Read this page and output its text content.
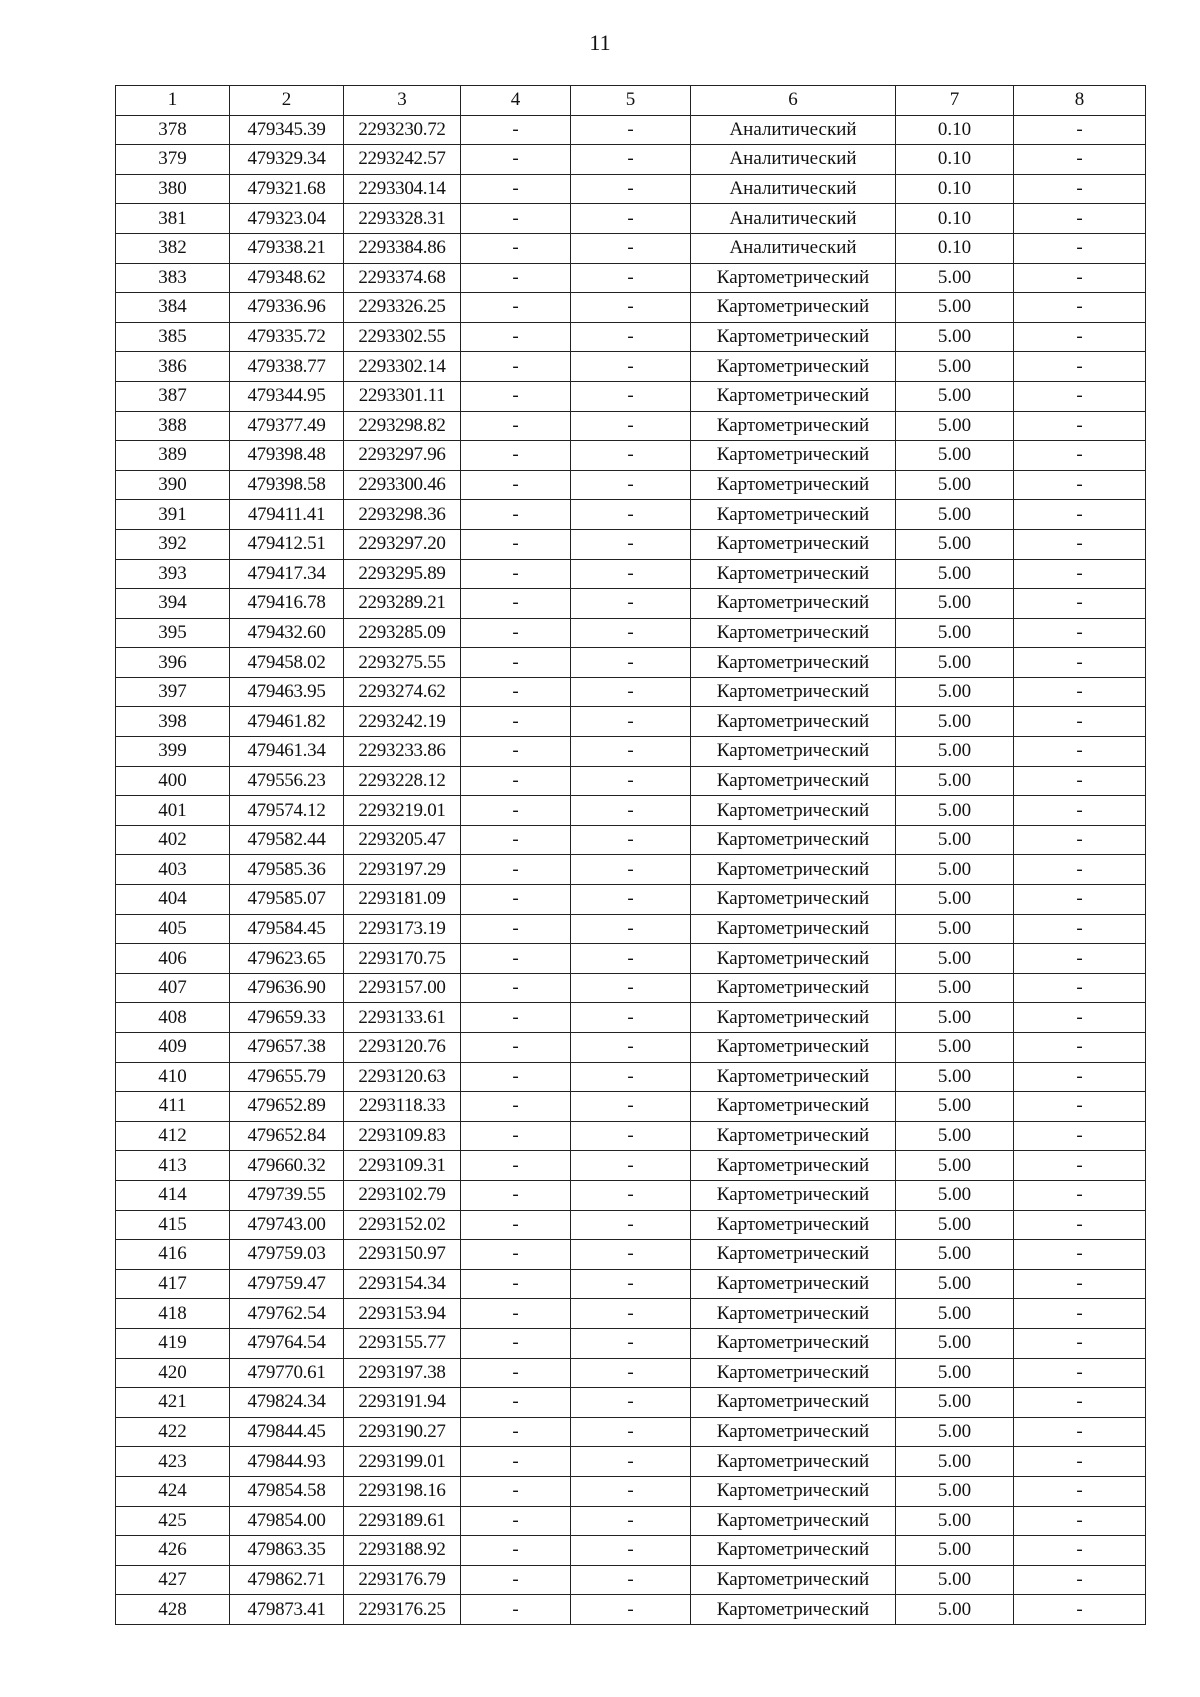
11
1	2	3	4	5	6	7	8
378	479345.39	2293230.72	-	-	Аналитический	0.10	-
379	479329.34	2293242.57	-	-	Аналитический	0.10	-
380	479321.68	2293304.14	-	-	Аналитический	0.10	-
381	479323.04	2293328.31	-	-	Аналитический	0.10	-
382	479338.21	2293384.86	-	-	Аналитический	0.10	-
383	479348.62	2293374.68	-	-	Картометрический	5.00	-
384	479336.96	2293326.25	-	-	Картометрический	5.00	-
385	479335.72	2293302.55	-	-	Картометрический	5.00	-
386	479338.77	2293302.14	-	-	Картометрический	5.00	-
387	479344.95	2293301.11	-	-	Картометрический	5.00	-
388	479377.49	2293298.82	-	-	Картометрический	5.00	-
389	479398.48	2293297.96	-	-	Картометрический	5.00	-
390	479398.58	2293300.46	-	-	Картометрический	5.00	-
391	479411.41	2293298.36	-	-	Картометрический	5.00	-
392	479412.51	2293297.20	-	-	Картометрический	5.00	-
393	479417.34	2293295.89	-	-	Картометрический	5.00	-
394	479416.78	2293289.21	-	-	Картометрический	5.00	-
395	479432.60	2293285.09	-	-	Картометрический	5.00	-
396	479458.02	2293275.55	-	-	Картометрический	5.00	-
397	479463.95	2293274.62	-	-	Картометрический	5.00	-
398	479461.82	2293242.19	-	-	Картометрический	5.00	-
399	479461.34	2293233.86	-	-	Картометрический	5.00	-
400	479556.23	2293228.12	-	-	Картометрический	5.00	-
401	479574.12	2293219.01	-	-	Картометрический	5.00	-
402	479582.44	2293205.47	-	-	Картометрический	5.00	-
403	479585.36	2293197.29	-	-	Картометрический	5.00	-
404	479585.07	2293181.09	-	-	Картометрический	5.00	-
405	479584.45	2293173.19	-	-	Картометрический	5.00	-
406	479623.65	2293170.75	-	-	Картометрический	5.00	-
407	479636.90	2293157.00	-	-	Картометрический	5.00	-
408	479659.33	2293133.61	-	-	Картометрический	5.00	-
409	479657.38	2293120.76	-	-	Картометрический	5.00	-
410	479655.79	2293120.63	-	-	Картометрический	5.00	-
411	479652.89	2293118.33	-	-	Картометрический	5.00	-
412	479652.84	2293109.83	-	-	Картометрический	5.00	-
413	479660.32	2293109.31	-	-	Картометрический	5.00	-
414	479739.55	2293102.79	-	-	Картометрический	5.00	-
415	479743.00	2293152.02	-	-	Картометрический	5.00	-
416	479759.03	2293150.97	-	-	Картометрический	5.00	-
417	479759.47	2293154.34	-	-	Картометрический	5.00	-
418	479762.54	2293153.94	-	-	Картометрический	5.00	-
419	479764.54	2293155.77	-	-	Картометрический	5.00	-
420	479770.61	2293197.38	-	-	Картометрический	5.00	-
421	479824.34	2293191.94	-	-	Картометрический	5.00	-
422	479844.45	2293190.27	-	-	Картометрический	5.00	-
423	479844.93	2293199.01	-	-	Картометрический	5.00	-
424	479854.58	2293198.16	-	-	Картометрический	5.00	-
425	479854.00	2293189.61	-	-	Картометрический	5.00	-
426	479863.35	2293188.92	-	-	Картометрический	5.00	-
427	479862.71	2293176.79	-	-	Картометрический	5.00	-
428	479873.41	2293176.25	-	-	Картометрический	5.00	-
